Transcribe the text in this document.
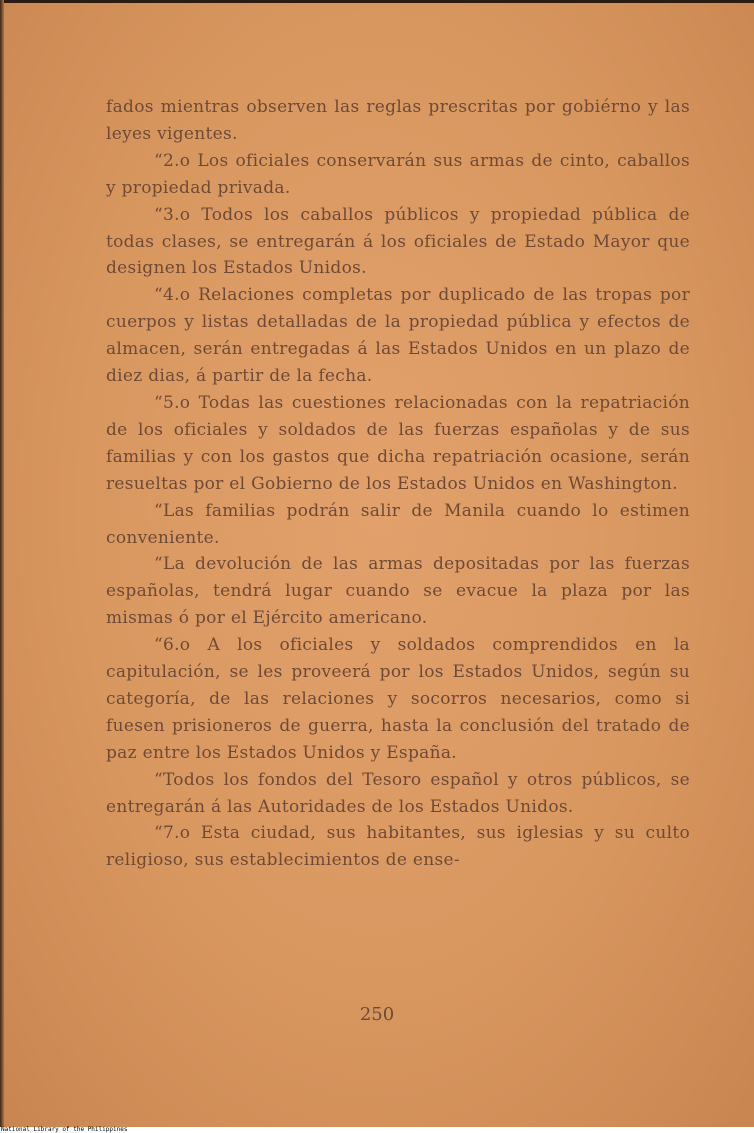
fados mientras observen las reglas prescritas por gobiérno y las leyes vigentes.

“2.o Los oficiales conservarán sus armas de cinto, caballos y propiedad privada.

“3.o Todos los caballos públicos y propiedad pública de todas clases, se entregarán á los oficiales de Estado Mayor que designen los Estados Unidos.

“4.o Relaciones completas por duplicado de las tropas por cuerpos y listas detalladas de la propiedad pública y efectos de almacen, serán entregadas á las Estados Unidos en un plazo de diez dias, á partir de la fecha.

“5.o Todas las cuestiones relacionadas con la repatriación de los oficiales y soldados de las fuerzas españolas y de sus familias y con los gastos que dicha repatriación ocasione, serán resueltas por el Gobierno de los Estados Unidos en Washington.

“Las familias podrán salir de Manila cuando lo estimen conveniente.

“La devolución de las armas depositadas por las fuerzas españolas, tendrá lugar cuando se evacue la plaza por las mismas ó por el Ejército americano.

“6.o A los oficiales y soldados comprendidos en la capitulación, se les proveerá por los Estados Unidos, según su categoría, de las relaciones y socorros necesarios, como si fuesen prisioneros de guerra, hasta la conclusión del tratado de paz entre los Estados Unidos y España.

“Todos los fondos del Tesoro español y otros públicos, se entregarán á las Autoridades de los Estados Unidos.

“7.o Esta ciudad, sus habitantes, sus iglesias y su culto religioso, sus establecimientos de ense-

250
National Library of the Philippines
